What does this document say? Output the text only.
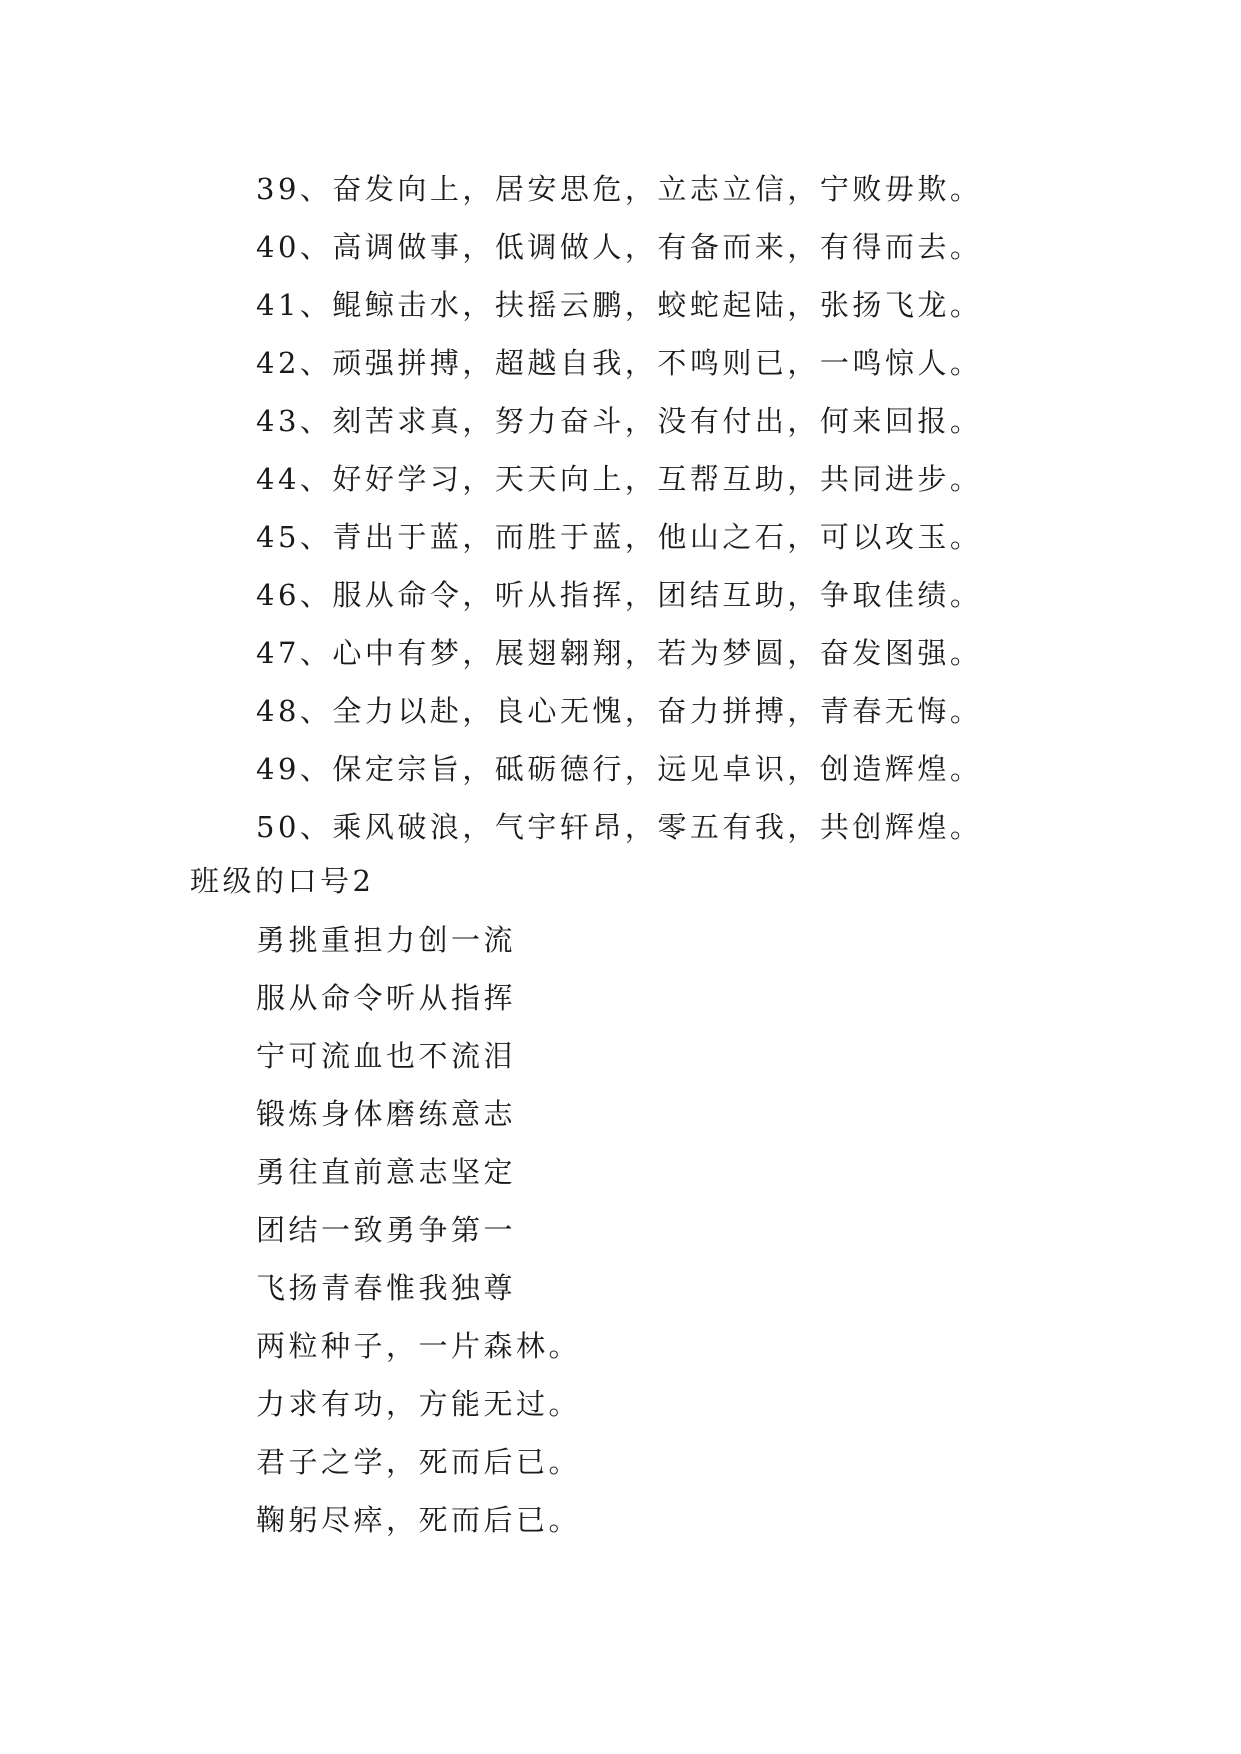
39、奋发向上，居安思危，立志立信，宁败毋欺。
40、高调做事，低调做人，有备而来，有得而去。
41、鲲鲸击水，扶摇云鹏，蛟蛇起陆，张扬飞龙。
42、顽强拼搏，超越自我，不鸣则已，一鸣惊人。
43、刻苦求真，努力奋斗，没有付出，何来回报。
44、好好学习，天天向上，互帮互助，共同进步。
45、青出于蓝，而胜于蓝，他山之石，可以攻玉。
46、服从命令，听从指挥，团结互助，争取佳绩。
47、心中有梦，展翅翱翔，若为梦圆，奋发图强。
48、全力以赴，良心无愧，奋力拼搏，青春无悔。
49、保定宗旨，砥砺德行，远见卓识，创造辉煌。
50、乘风破浪，气宇轩昂，零五有我，共创辉煌。
班级的口号2
勇挑重担力创一流
服从命令听从指挥
宁可流血也不流泪
锻炼身体磨练意志
勇往直前意志坚定
团结一致勇争第一
飞扬青春惟我独尊
两粒种子，一片森林。
力求有功，方能无过。
君子之学，死而后已。
鞠躬尽瘁，死而后已。
